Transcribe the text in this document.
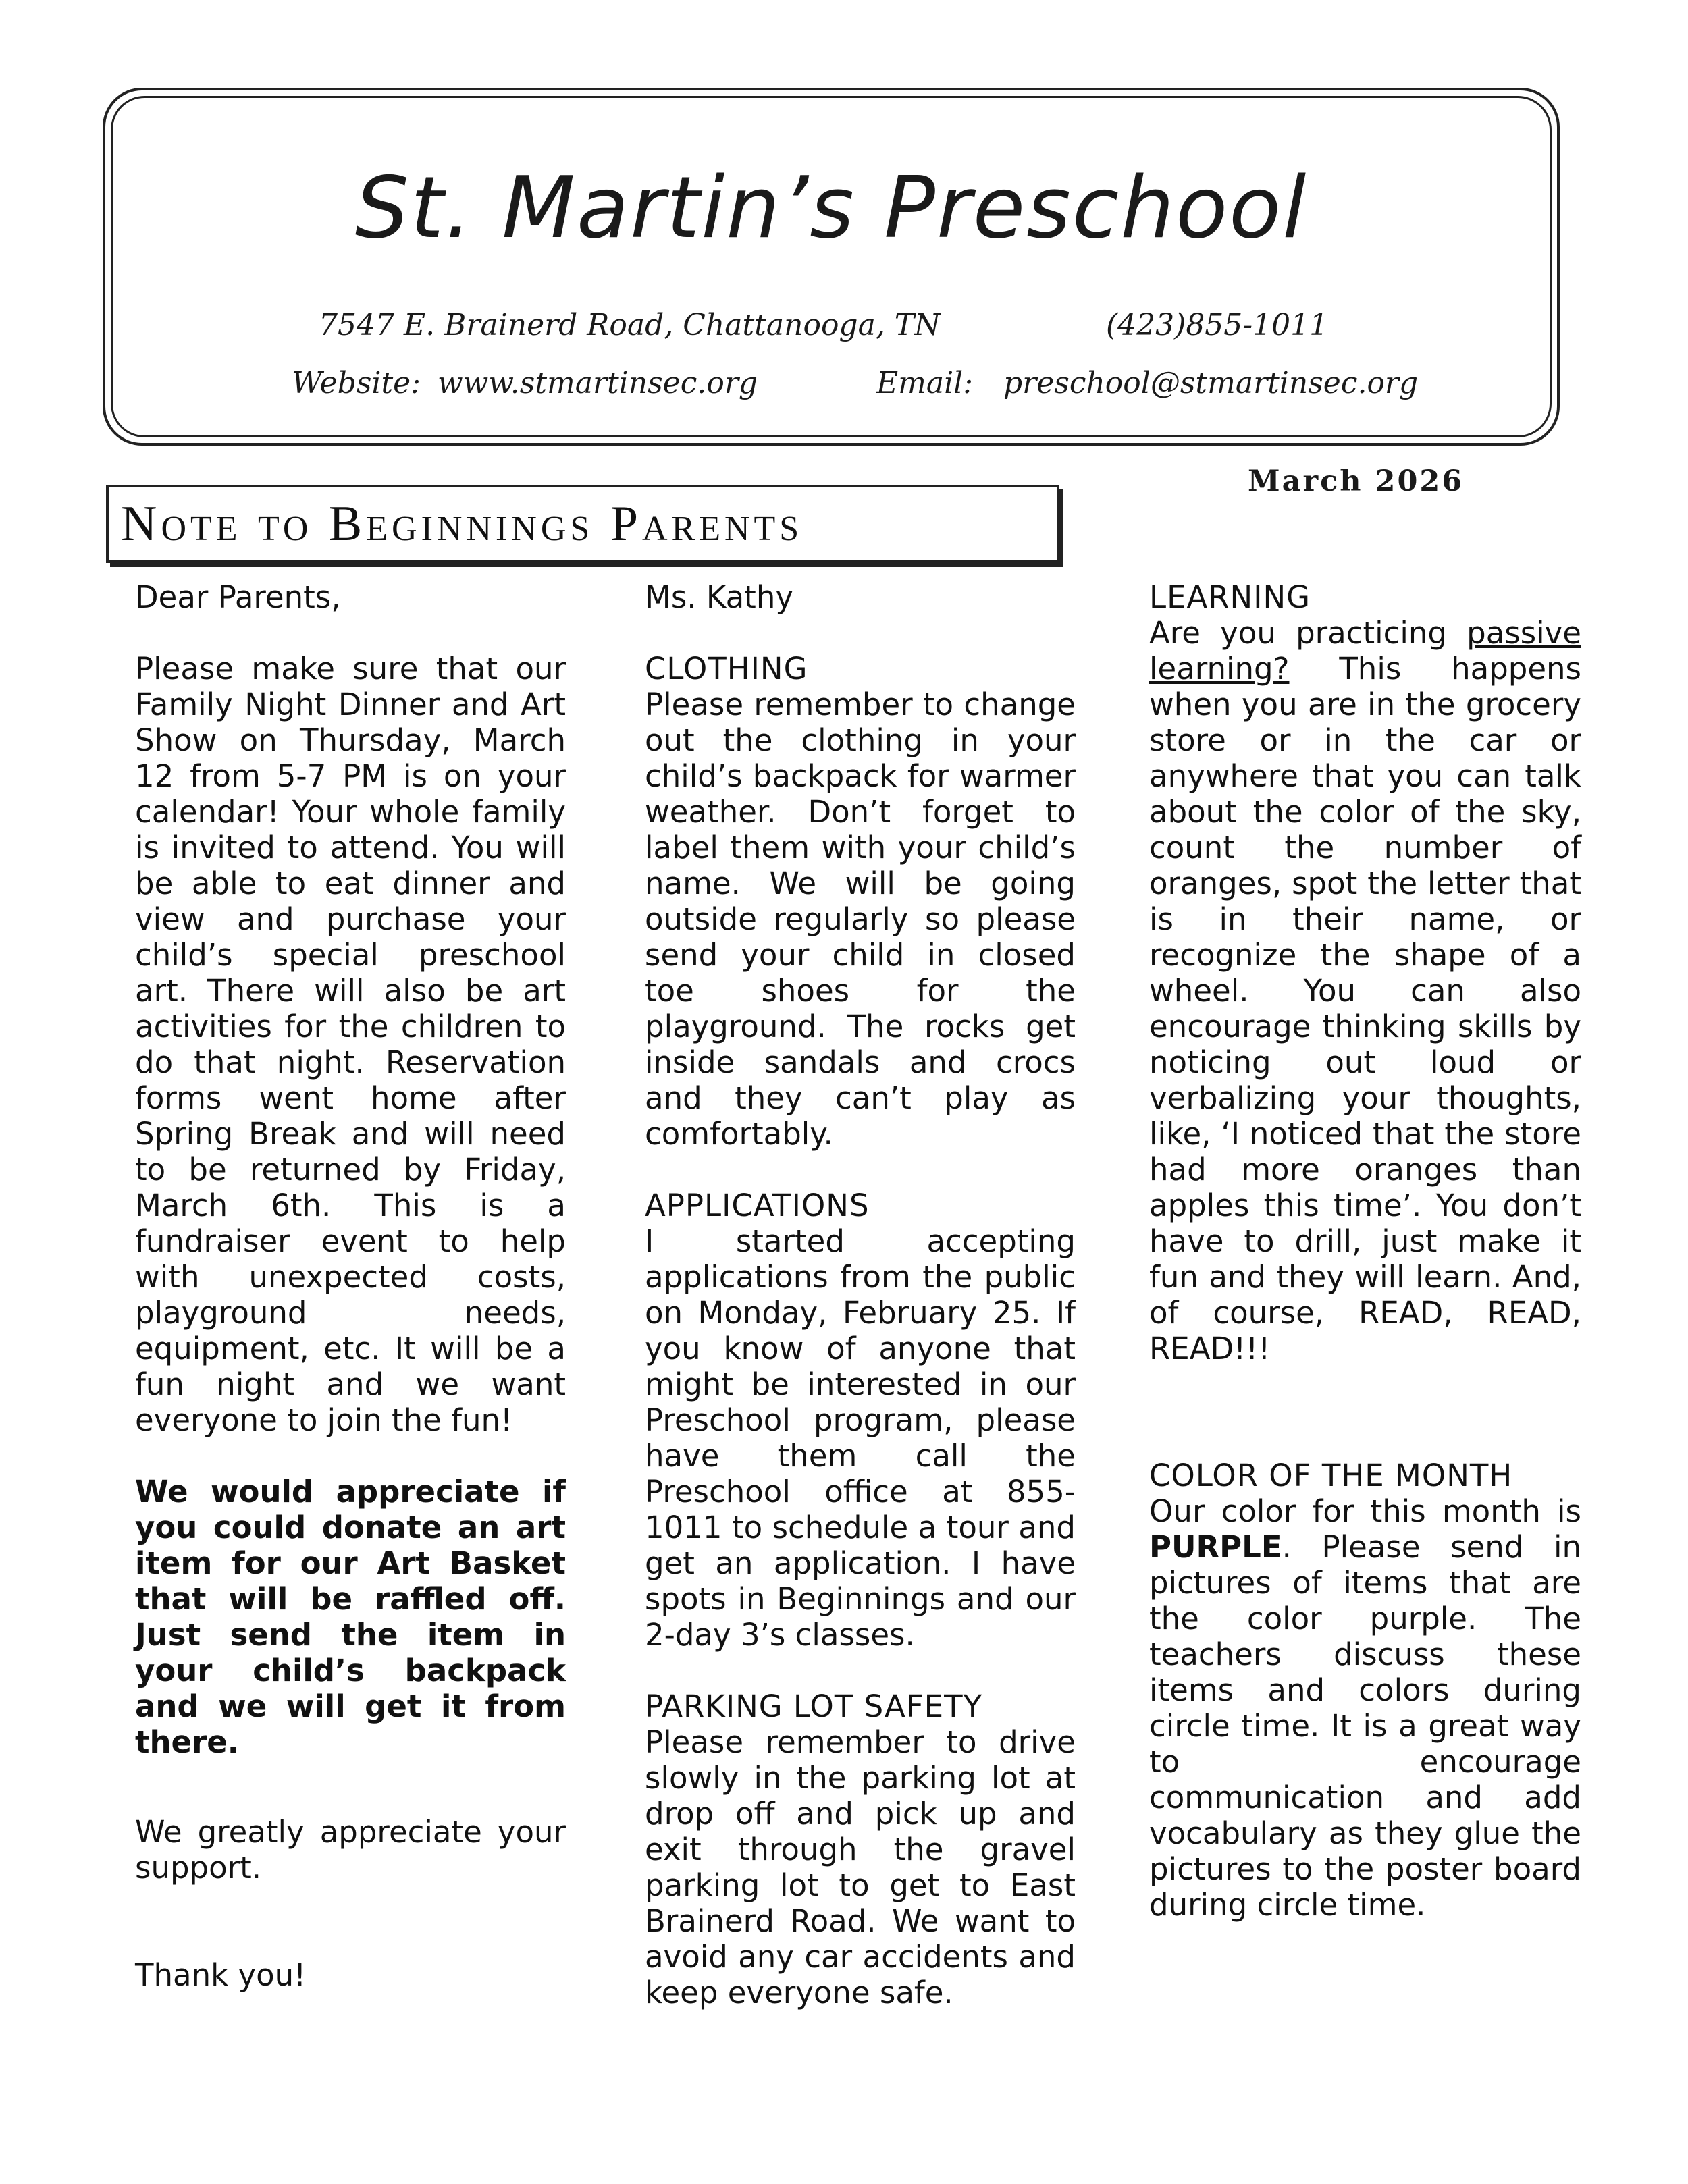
St. Martin’s Preschool
7547 E. Brainerd Road, Chattanooga, TN	(423)855-1011
Website: www.stmartinsec.org	Email: preschool@stmartinsec.org
March 2026
Note to Beginnings Parents

Dear Parents,

Please make sure that our Family Night Dinner and Art Show on Thursday, March 12 from 5-7 PM is on your calendar! Your whole family is invited to attend. You will be able to eat dinner and view and purchase your child’s special preschool art. There will also be art activities for the children to do that night. Reservation forms went home after Spring Break and will need to be returned by Friday, March 6th. This is a fundraiser event to help with unexpected costs, playground needs, equipment, etc. It will be a fun night and we want everyone to join the fun!

We would appreciate if you could donate an art item for our Art Basket that will be raffled off. Just send the item in your child’s backpack and we will get it from there.

We greatly appreciate your support.

Thank you!

Ms. Kathy

CLOTHING

Please remember to change out the clothing in your child’s backpack for warmer weather. Don’t forget to label them with your child’s name. We will be going outside regularly so please send your child in closed toe shoes for the playground. The rocks get inside sandals and crocs and they can’t play as comfortably.

APPLICATIONS

I started accepting applications from the public on Monday, February 25. If you know of anyone that might be interested in our Preschool program, please have them call the Preschool office at 855-1011 to schedule a tour and get an application. I have spots in Beginnings and our 2-day 3’s classes.

PARKING LOT SAFETY

Please remember to drive slowly in the parking lot at drop off and pick up and exit through the gravel parking lot to get to East Brainerd Road. We want to avoid any car accidents and keep everyone safe.

LEARNING

Are you practicing passive learning? This happens when you are in the grocery store or in the car or anywhere that you can talk about the color of the sky, count the number of oranges, spot the letter that is in their name, or recognize the shape of a wheel. You can also encourage thinking skills by noticing out loud or verbalizing your thoughts, like, ‘I noticed that the store had more oranges than apples this time’. You don’t have to drill, just make it fun and they will learn. And, of course, READ, READ, READ!!!

COLOR OF THE MONTH

Our color for this month is PURPLE. Please send in pictures of items that are the color purple. The teachers discuss these items and colors during circle time. It is a great way to encourage communication and add vocabulary as they glue the pictures to the poster board during circle time.
